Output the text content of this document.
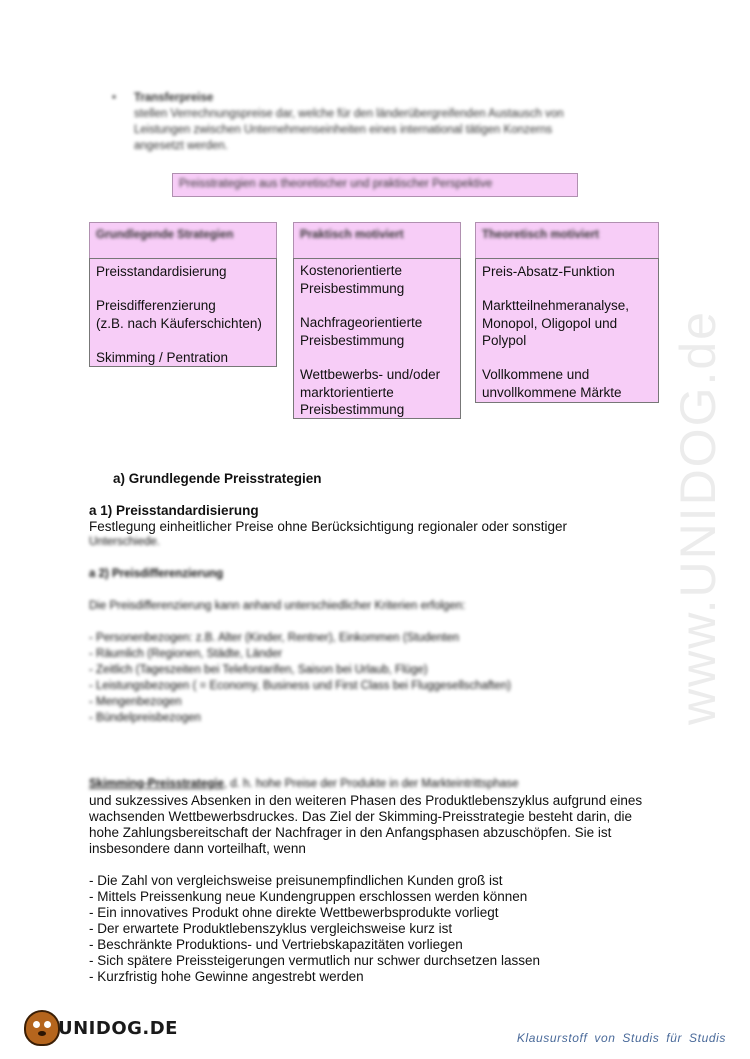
www.UNIDOG.de
• Transferpreise
stellen Verrechnungspreise dar, welche für den länderübergreifenden Austausch von
Leistungen zwischen Unternehmenseinheiten eines international tätigen Konzerns
angesetzt werden.
Preisstrategien aus theoretischer und praktischer Perspektive
Grundlegende Strategien
Preisstandardisierung
Preisdifferenzierung
(z.B. nach Käuferschichten)
Skimming / Pentration
Praktisch motiviert
Kostenorientierte
Preisbestimmung
Nachfrageorientierte
Preisbestimmung
Wettbewerbs- und/oder
marktorientierte
Preisbestimmung
Theoretisch motiviert
Preis-Absatz-Funktion
Marktteilnehmeranalyse,
Monopol, Oligopol und
Polypol
Vollkommene und
unvollkommene Märkte
a) Grundlegende Preisstrategien
a 1) Preisstandardisierung
Festlegung einheitlicher Preise ohne Berücksichtigung regionaler oder sonstiger
Unterschiede.
a 2) Preisdifferenzierung
Die Preisdifferenzierung kann anhand unterschiedlicher Kriterien erfolgen:
- Personenbezogen: z.B. Alter (Kinder, Rentner), Einkommen (Studenten
- Räumlich (Regionen, Städte, Länder
- Zeitlich (Tageszeiten bei Telefontarifen, Saison bei Urlaub, Flüge)
- Leistungsbezogen ( = Economy, Business und First Class bei Fluggesellschaften)
- Mengenbezogen
- Bündelpreisbezogen
Skimming-Preisstrategie, d. h. hohe Preise der Produkte in der Markteintrittsphase
und sukzessives Absenken in den weiteren Phasen des Produktlebenszyklus aufgrund eines
wachsenden Wettbewerbsdruckes. Das Ziel der Skimming-Preisstrategie besteht darin, die
hohe Zahlungsbereitschaft der Nachfrager in den Anfangsphasen abzuschöpfen. Sie ist
insbesondere dann vorteilhaft, wenn
- Die Zahl von vergleichsweise preisunempfindlichen Kunden groß ist
- Mittels Preissenkung neue Kundengruppen erschlossen werden können
- Ein innovatives Produkt ohne direkte Wettbewerbsprodukte vorliegt
- Der erwartete Produktlebenszyklus vergleichsweise kurz ist
- Beschränkte Produktions- und Vertriebskapazitäten vorliegen
- Sich spätere Preissteigerungen vermutlich nur schwer durchsetzen lassen
- Kurzfristig hohe Gewinne angestrebt werden
UNIDOG.DE	Klausurstoff von Studis für Studis
